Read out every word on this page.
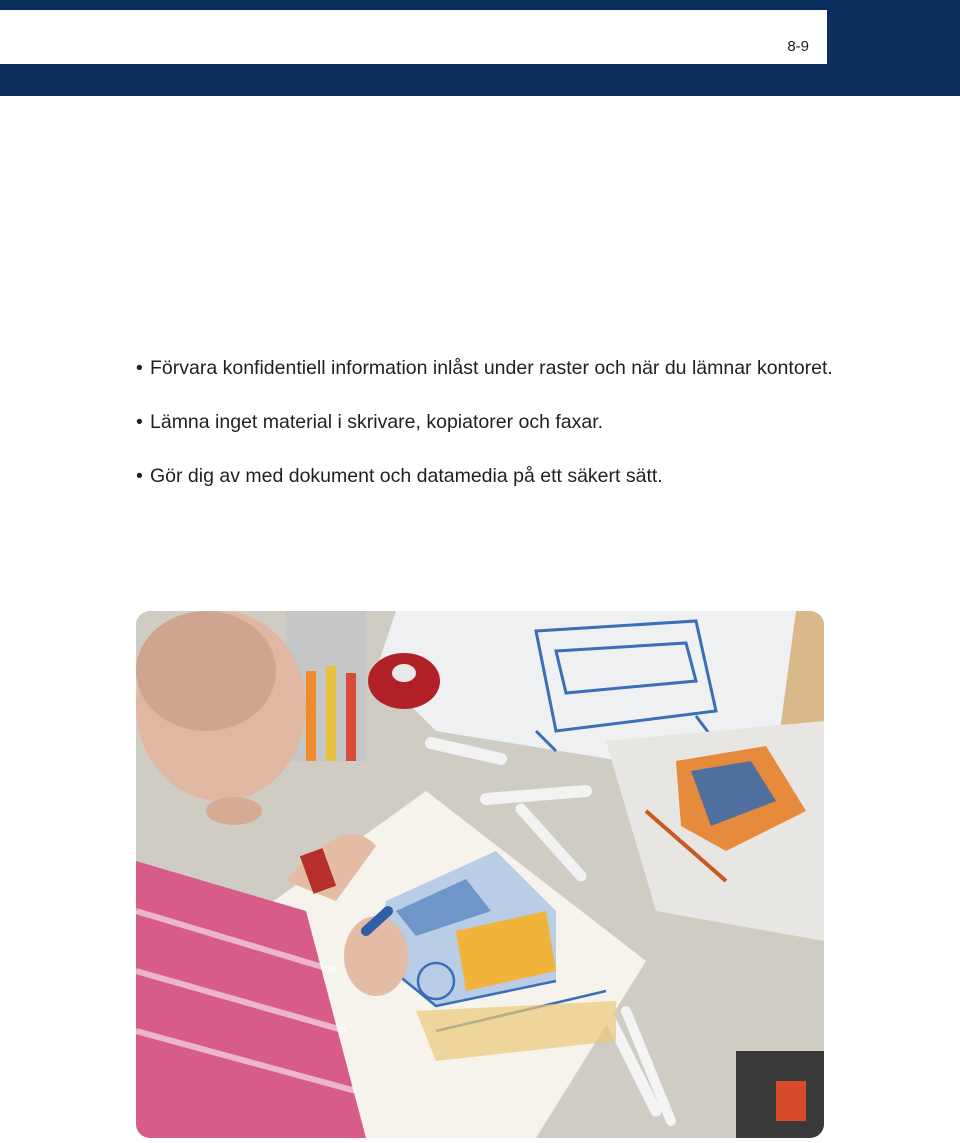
8-9
• Förvara konfidentiell information inlåst under raster och när du lämnar kontoret.
• Lämna inget material i skrivare, kopiatorer och faxar.
• Gör dig av med dokument och datamedia på ett säkert sätt.
